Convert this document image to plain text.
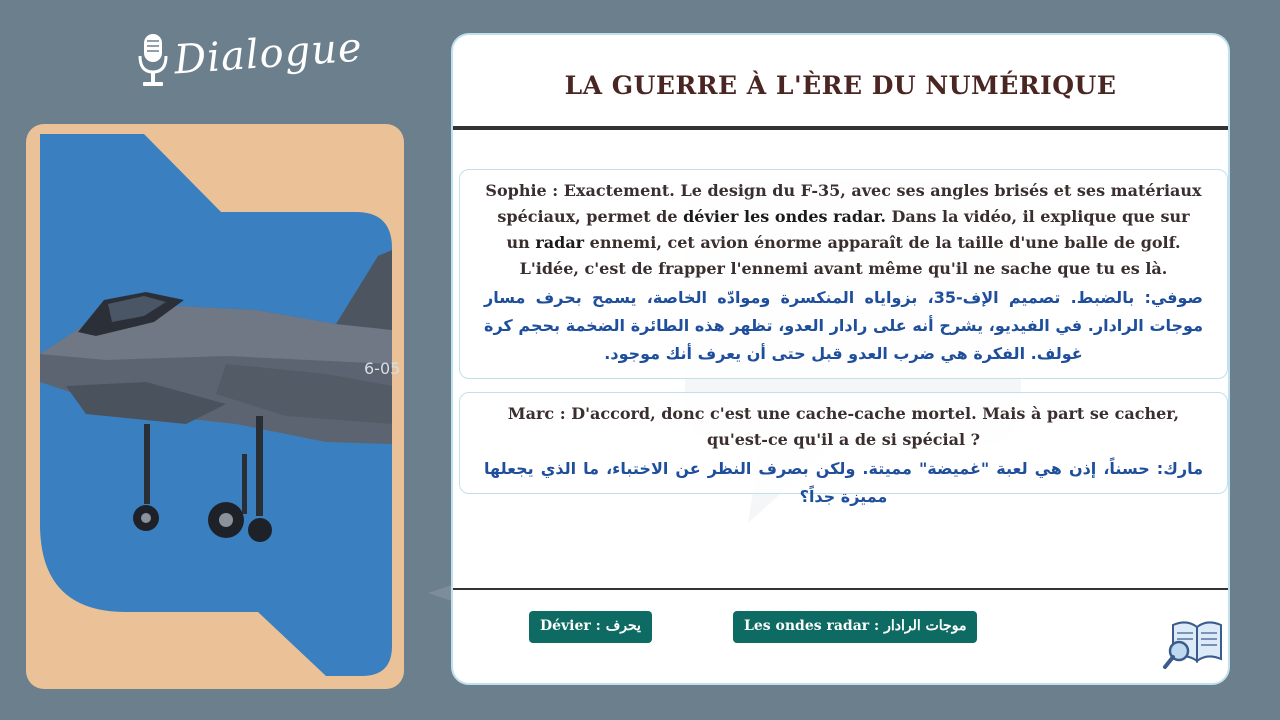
Dialogue
6-05
LA GUERRE À L'ÈRE DU NUMÉRIQUE
Sophie : Exactement. Le design du F-35, avec ses angles brisés et ses matériaux spéciaux, permet de dévier les ondes radar. Dans la vidéo, il explique que sur un radar ennemi, cet avion énorme apparaît de la taille d'une balle de golf. L'idée, c'est de frapper l'ennemi avant même qu'il ne sache que tu es là.
صوفي: بالضبط. تصميم الإف-35، بزواياه المنكسرة وموادّه الخاصة، يسمح بحرف مسار موجات الرادار. في الفيديو، يشرح أنه على رادار العدو، تظهر هذه الطائرة الضخمة بحجم كرة غولف. الفكرة هي ضرب العدو قبل حتى أن يعرف أنك موجود.
Marc : D'accord, donc c'est une cache-cache mortel. Mais à part se cacher, qu'est-ce qu'il a de si spécial ?
مارك: حسناً، إذن هي لعبة "غميضة" مميتة. ولكن بصرف النظر عن الاختباء، ما الذي يجعلها مميزة جداً؟
Dévier : يحرف	Les ondes radar : موجات الرادار
